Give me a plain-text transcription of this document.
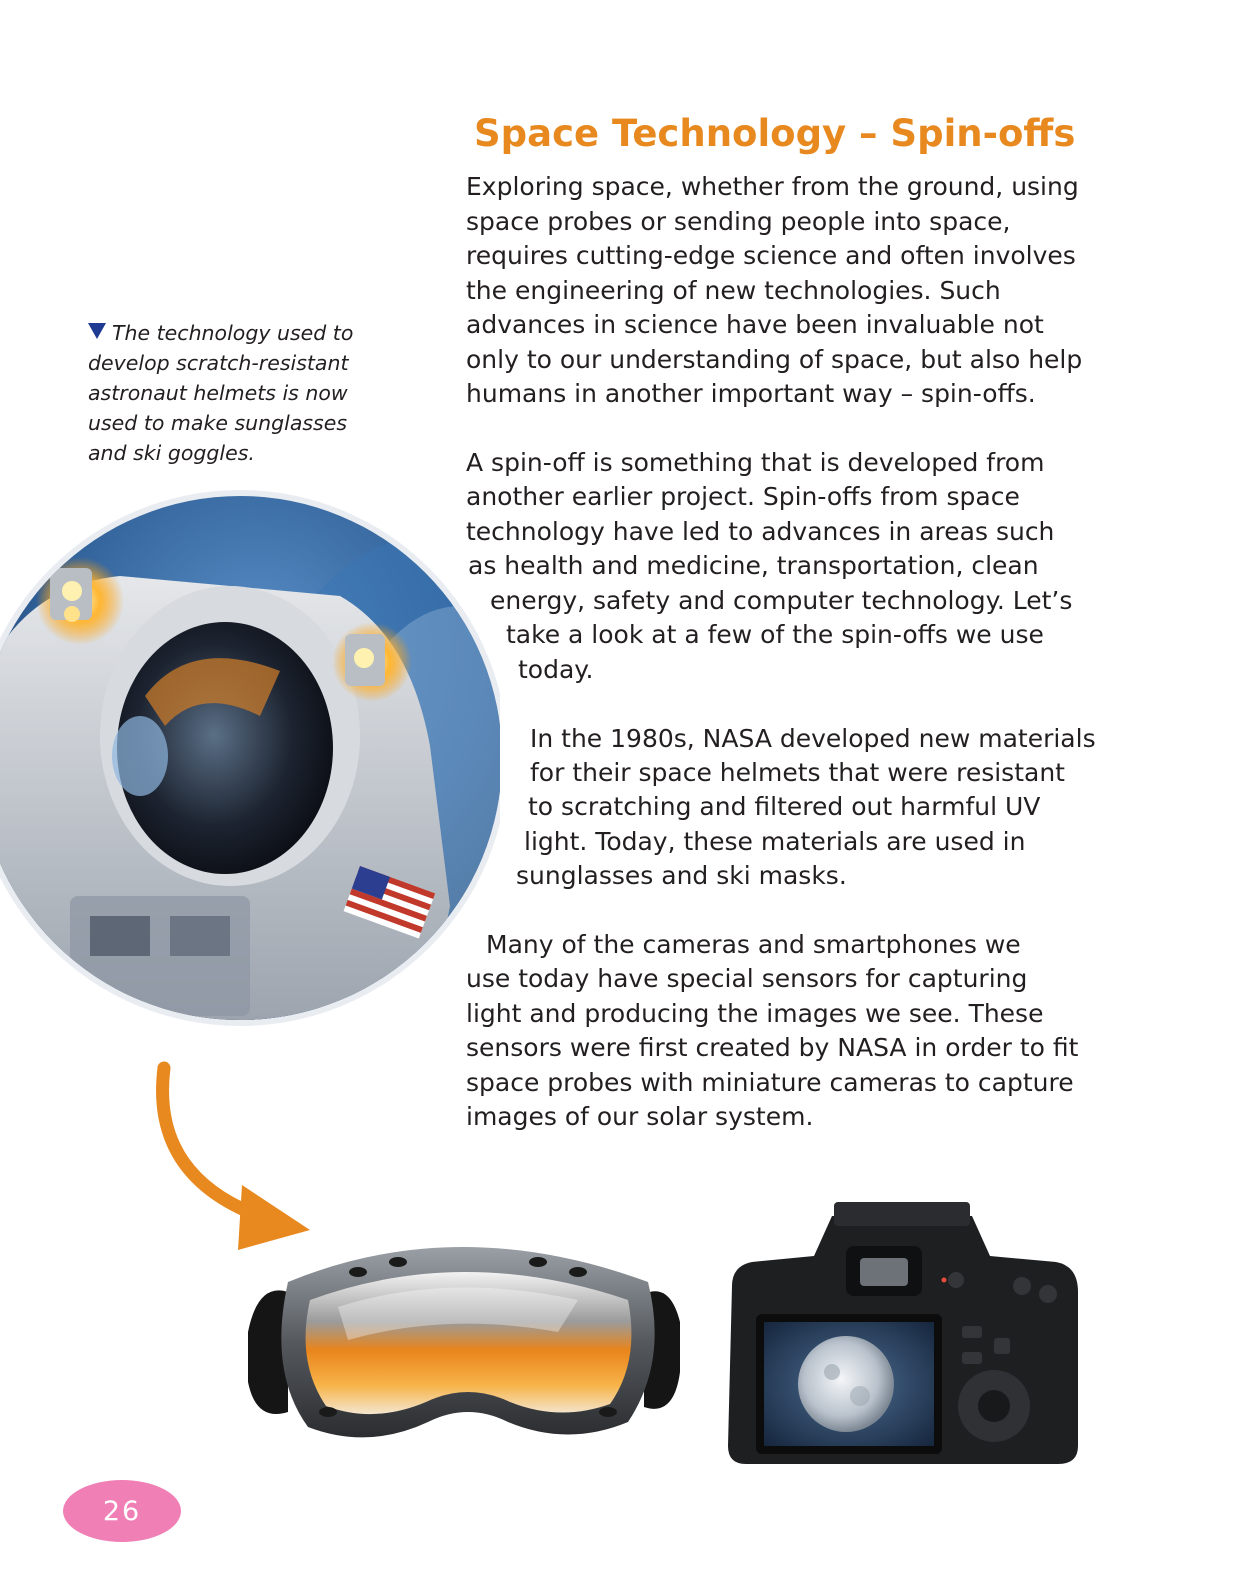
Space Technology – Spin-offs
Exploring space, whether from the ground, using
space probes or sending people into space,
requires cutting-edge science and often involves
the engineering of new technologies. Such
advances in science have been invaluable not
only to our understanding of space, but also help
humans in another important way – spin-offs.
A spin-off is something that is developed from
another earlier project. Spin-offs from space
technology have led to advances in areas such
as health and medicine, transportation, clean
energy, safety and computer technology. Let’s
take a look at a few of the spin-offs we use
today.
In the 1980s, NASA developed new materials
for their space helmets that were resistant
to scratching and filtered out harmful UV
light. Today, these materials are used in
sunglasses and ski masks.
Many of the cameras and smartphones we
use today have special sensors for capturing
light and producing the images we see. These
sensors were first created by NASA in order to fit
space probes with miniature cameras to capture
images of our solar system.
The technology used to
develop scratch-resistant
astronaut helmets is now
used to make sunglasses
and ski goggles.
26
